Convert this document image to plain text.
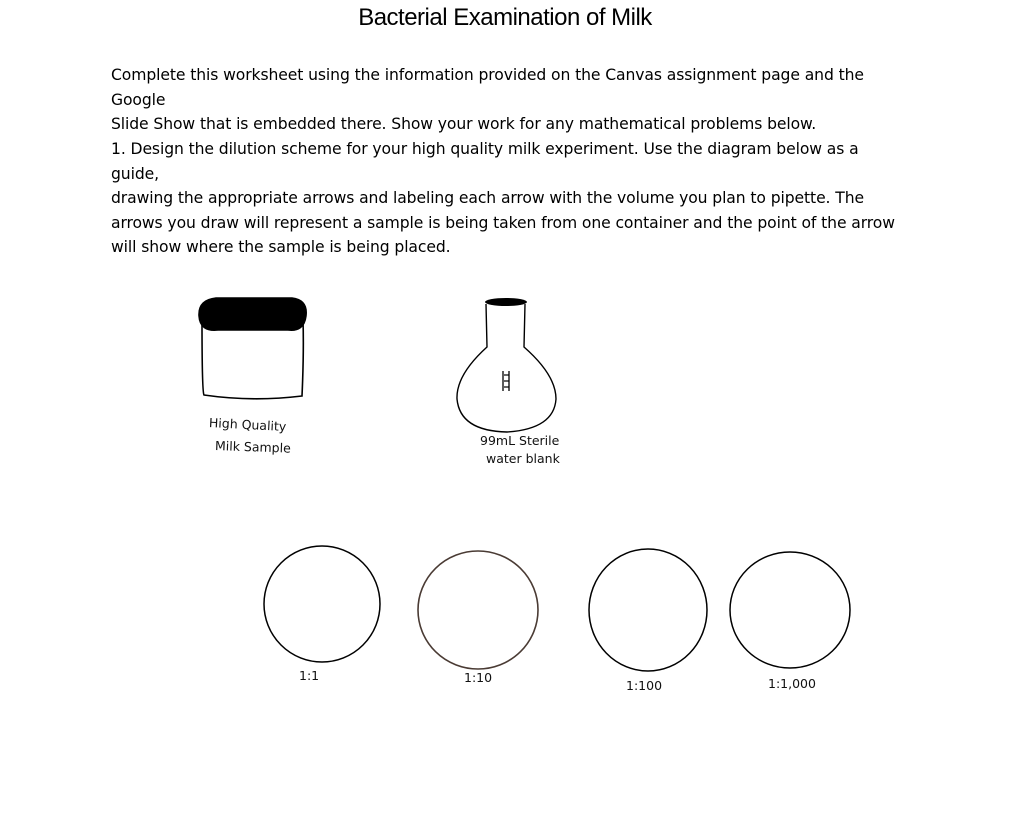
Bacterial Examination of Milk
Complete this worksheet using the information provided on the Canvas assignment page and the Google
Slide Show that is embedded there. Show your work for any mathematical problems below.
1. Design the dilution scheme for your high quality milk experiment. Use the diagram below as a guide,
drawing the appropriate arrows and labeling each arrow with the volume you plan to pipette. The
arrows you draw will represent a sample is being taken from one container and the point of the arrow
will show where the sample is being placed.
High Quality
Milk Sample	99mL Sterile
water blank
1:1	1:10
1:100	1:1,000
